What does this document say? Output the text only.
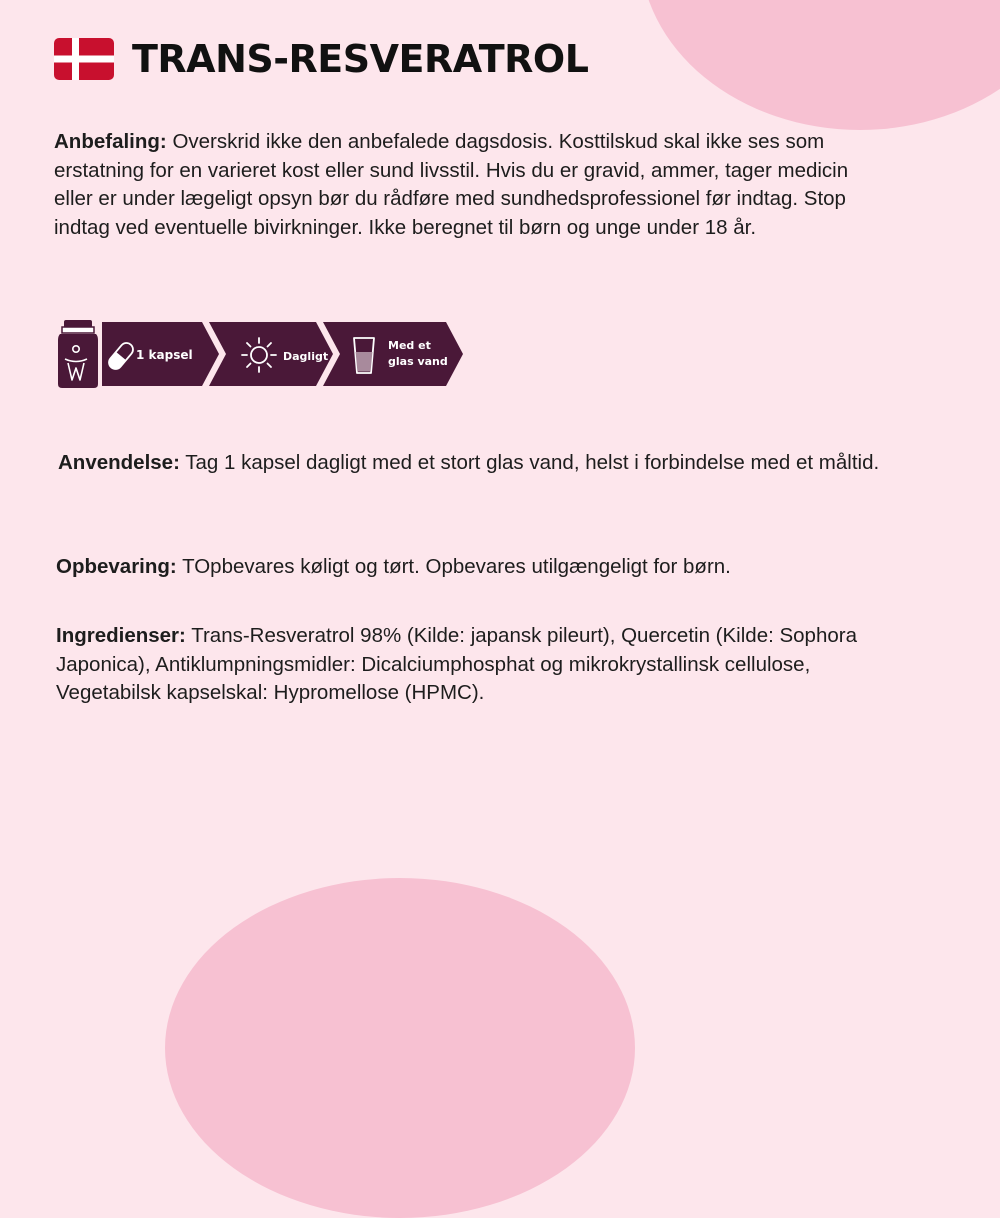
TRANS-RESVERATROL

Anbefaling: Overskrid ikke den anbefalede dagsdosis. Kosttilskud skal ikke ses som erstatning for en varieret kost eller sund livsstil. Hvis du er gravid, ammer, tager medicin eller er under lægeligt opsyn bør du rådføre med sundhedsprofessionel før indtag. Stop indtag ved eventuelle bivirkninger. Ikke beregnet til børn og unge under 18 år.

1 kapsel	Dagligt
Med et
glas vand

Anvendelse: Tag 1 kapsel dagligt med et stort glas vand, helst i forbindelse med et måltid.

Opbevaring: TOpbevares køligt og tørt. Opbevares utilgængeligt for børn.

Ingredienser: Trans-Resveratrol 98% (Kilde: japansk pileurt), Quercetin (Kilde: Sophora Japonica), Antiklumpningsmidler: Dicalciumphosphat og mikrokrystallinsk cellulose, Vegetabilsk kapselskal: Hypromellose (HPMC).
